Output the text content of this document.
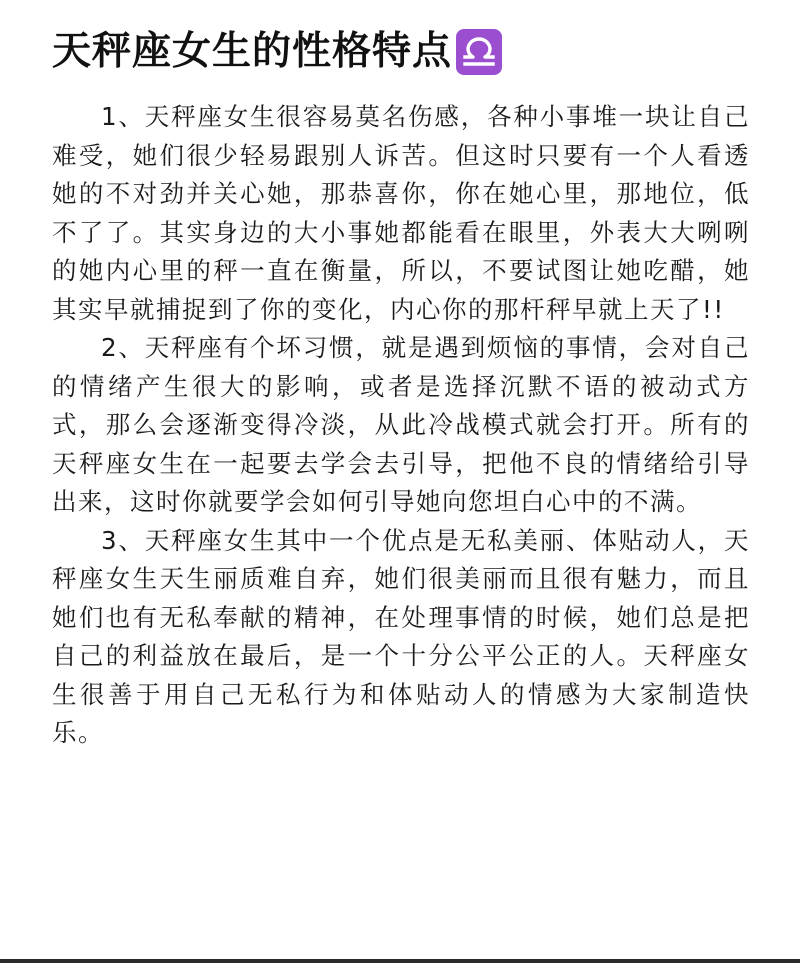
天秤座女生的性格特点

1、天秤座女生很容易莫名伤感，各种小事堆一块让自己难受，她们很少轻易跟别人诉苦。但这时只要有一个人看透她的不对劲并关心她，那恭喜你，你在她心里，那地位，低不了了。其实身边的大小事她都能看在眼里，外表大大咧咧的她内心里的秤一直在衡量，所以，不要试图让她吃醋，她其实早就捕捉到了你的变化，内心你的那杆秤早就上天了!!

2、天秤座有个坏习惯，就是遇到烦恼的事情，会对自己的情绪产生很大的影响，或者是选择沉默不语的被动式方式，那么会逐渐变得冷淡，从此冷战模式就会打开。所有的天秤座女生在一起要去学会去引导，把他不良的情绪给引导出来，这时你就要学会如何引导她向您坦白心中的不满。

3、天秤座女生其中一个优点是无私美丽、体贴动人，天秤座女生天生丽质难自弃，她们很美丽而且很有魅力，而且她们也有无私奉献的精神，在处理事情的时候，她们总是把自己的利益放在最后，是一个十分公平公正的人。天秤座女生很善于用自己无私行为和体贴动人的情感为大家制造快乐。
